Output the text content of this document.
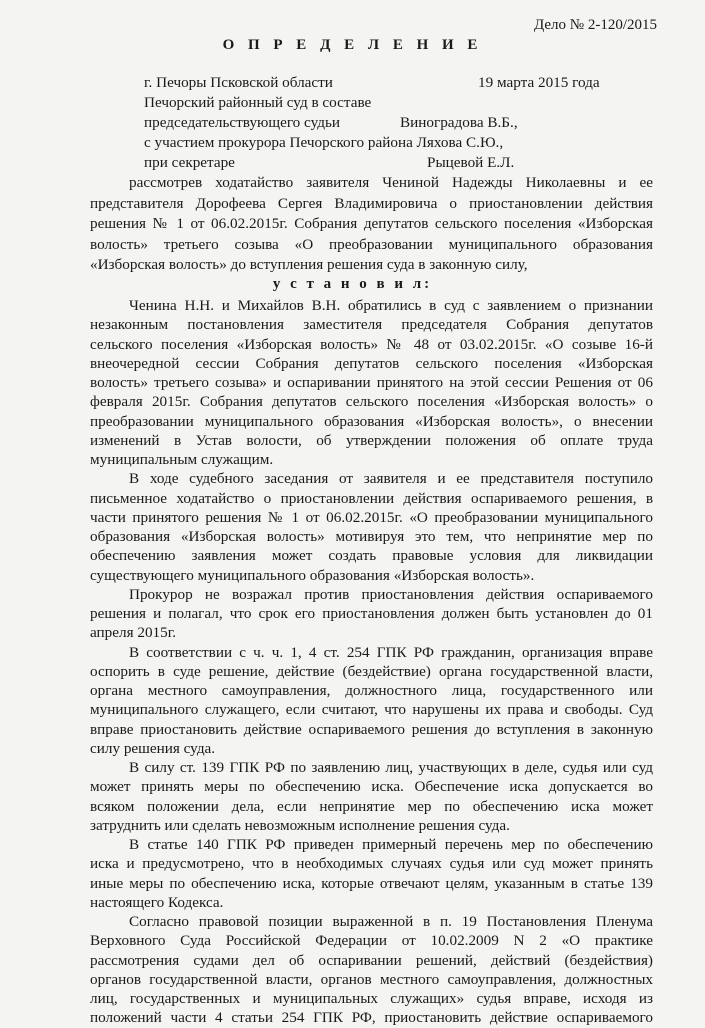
Дело № 2-120/2015
О П Р Е Д Е Л Е Н И Е
г. Печоры Псковской области	19 марта 2015 года
Печорский районный суд в составе
председательствующего судьи	Виноградова В.Б.,
с участием прокурора Печорского района Ляхова С.Ю.,
при секретаре	Рыцевой Е.Л.
рассмотрев ходатайство заявителя Чениной Надежды Николаевны и ее
представителя Дорофеева Сергея Владимировича о приостановлении действия
решения № 1 от 06.02.2015г. Собрания депутатов сельского поселения «Изборская
волость» третьего созыва «О преобразовании муниципального образования
«Изборская волость» до вступления решения суда в законную силу,
у с т а н о в и л:
Ченина Н.Н. и Михайлов В.Н. обратились в суд с заявлением о признании
незаконным постановления заместителя председателя Собрания депутатов
сельского поселения «Изборская волость» № 48 от 03.02.2015г. «О созыве 16-й
внеочередной сессии Собрания депутатов сельского поселения «Изборская
волость» третьего созыва» и оспаривании принятого на этой сессии Решения от 06
февраля 2015г. Собрания депутатов сельского поселения «Изборская волость» о
преобразовании муниципального образования «Изборская волость», о внесении
изменений в Устав волости, об утверждении положения об оплате труда
муниципальным служащим.
В ходе судебного заседания от заявителя и ее представителя поступило
письменное ходатайство о приостановлении действия оспариваемого решения, в
части принятого решения № 1 от 06.02.2015г. «О преобразовании муниципального
образования «Изборская волость» мотивируя это тем, что непринятие мер по
обеспечению заявления может создать правовые условия для ликвидации
существующего муниципального образования «Изборская волость».
Прокурор не возражал против приостановления действия оспариваемого
решения и полагал, что срок его приостановления должен быть установлен до 01
апреля 2015г.
В соответствии с ч. ч. 1, 4 ст. 254 ГПК РФ гражданин, организация вправе
оспорить в суде решение, действие (бездействие) органа государственной власти,
органа местного самоуправления, должностного лица, государственного или
муниципального служащего, если считают, что нарушены их права и свободы. Суд
вправе приостановить действие оспариваемого решения до вступления в законную
силу решения суда.
В силу ст. 139 ГПК РФ по заявлению лиц, участвующих в деле, судья или суд
может принять меры по обеспечению иска. Обеспечение иска допускается во
всяком положении дела, если непринятие мер по обеспечению иска может
затруднить или сделать невозможным исполнение решения суда.
В статье 140 ГПК РФ приведен примерный перечень мер по обеспечению
иска и предусмотрено, что в необходимых случаях судья или суд может принять
иные меры по обеспечению иска, которые отвечают целям, указанным в статье 139
настоящего Кодекса.
Согласно правовой позиции выраженной в п. 19 Постановления Пленума
Верховного Суда Российской Федерации от 10.02.2009 N 2 «О практике
рассмотрения судами дел об оспаривании решений, действий (бездействия)
органов государственной власти, органов местного самоуправления, должностных
лиц, государственных и муниципальных служащих» судья вправе, исходя из
положений части 4 статьи 254 ГПК РФ, приостановить действие оспариваемого
